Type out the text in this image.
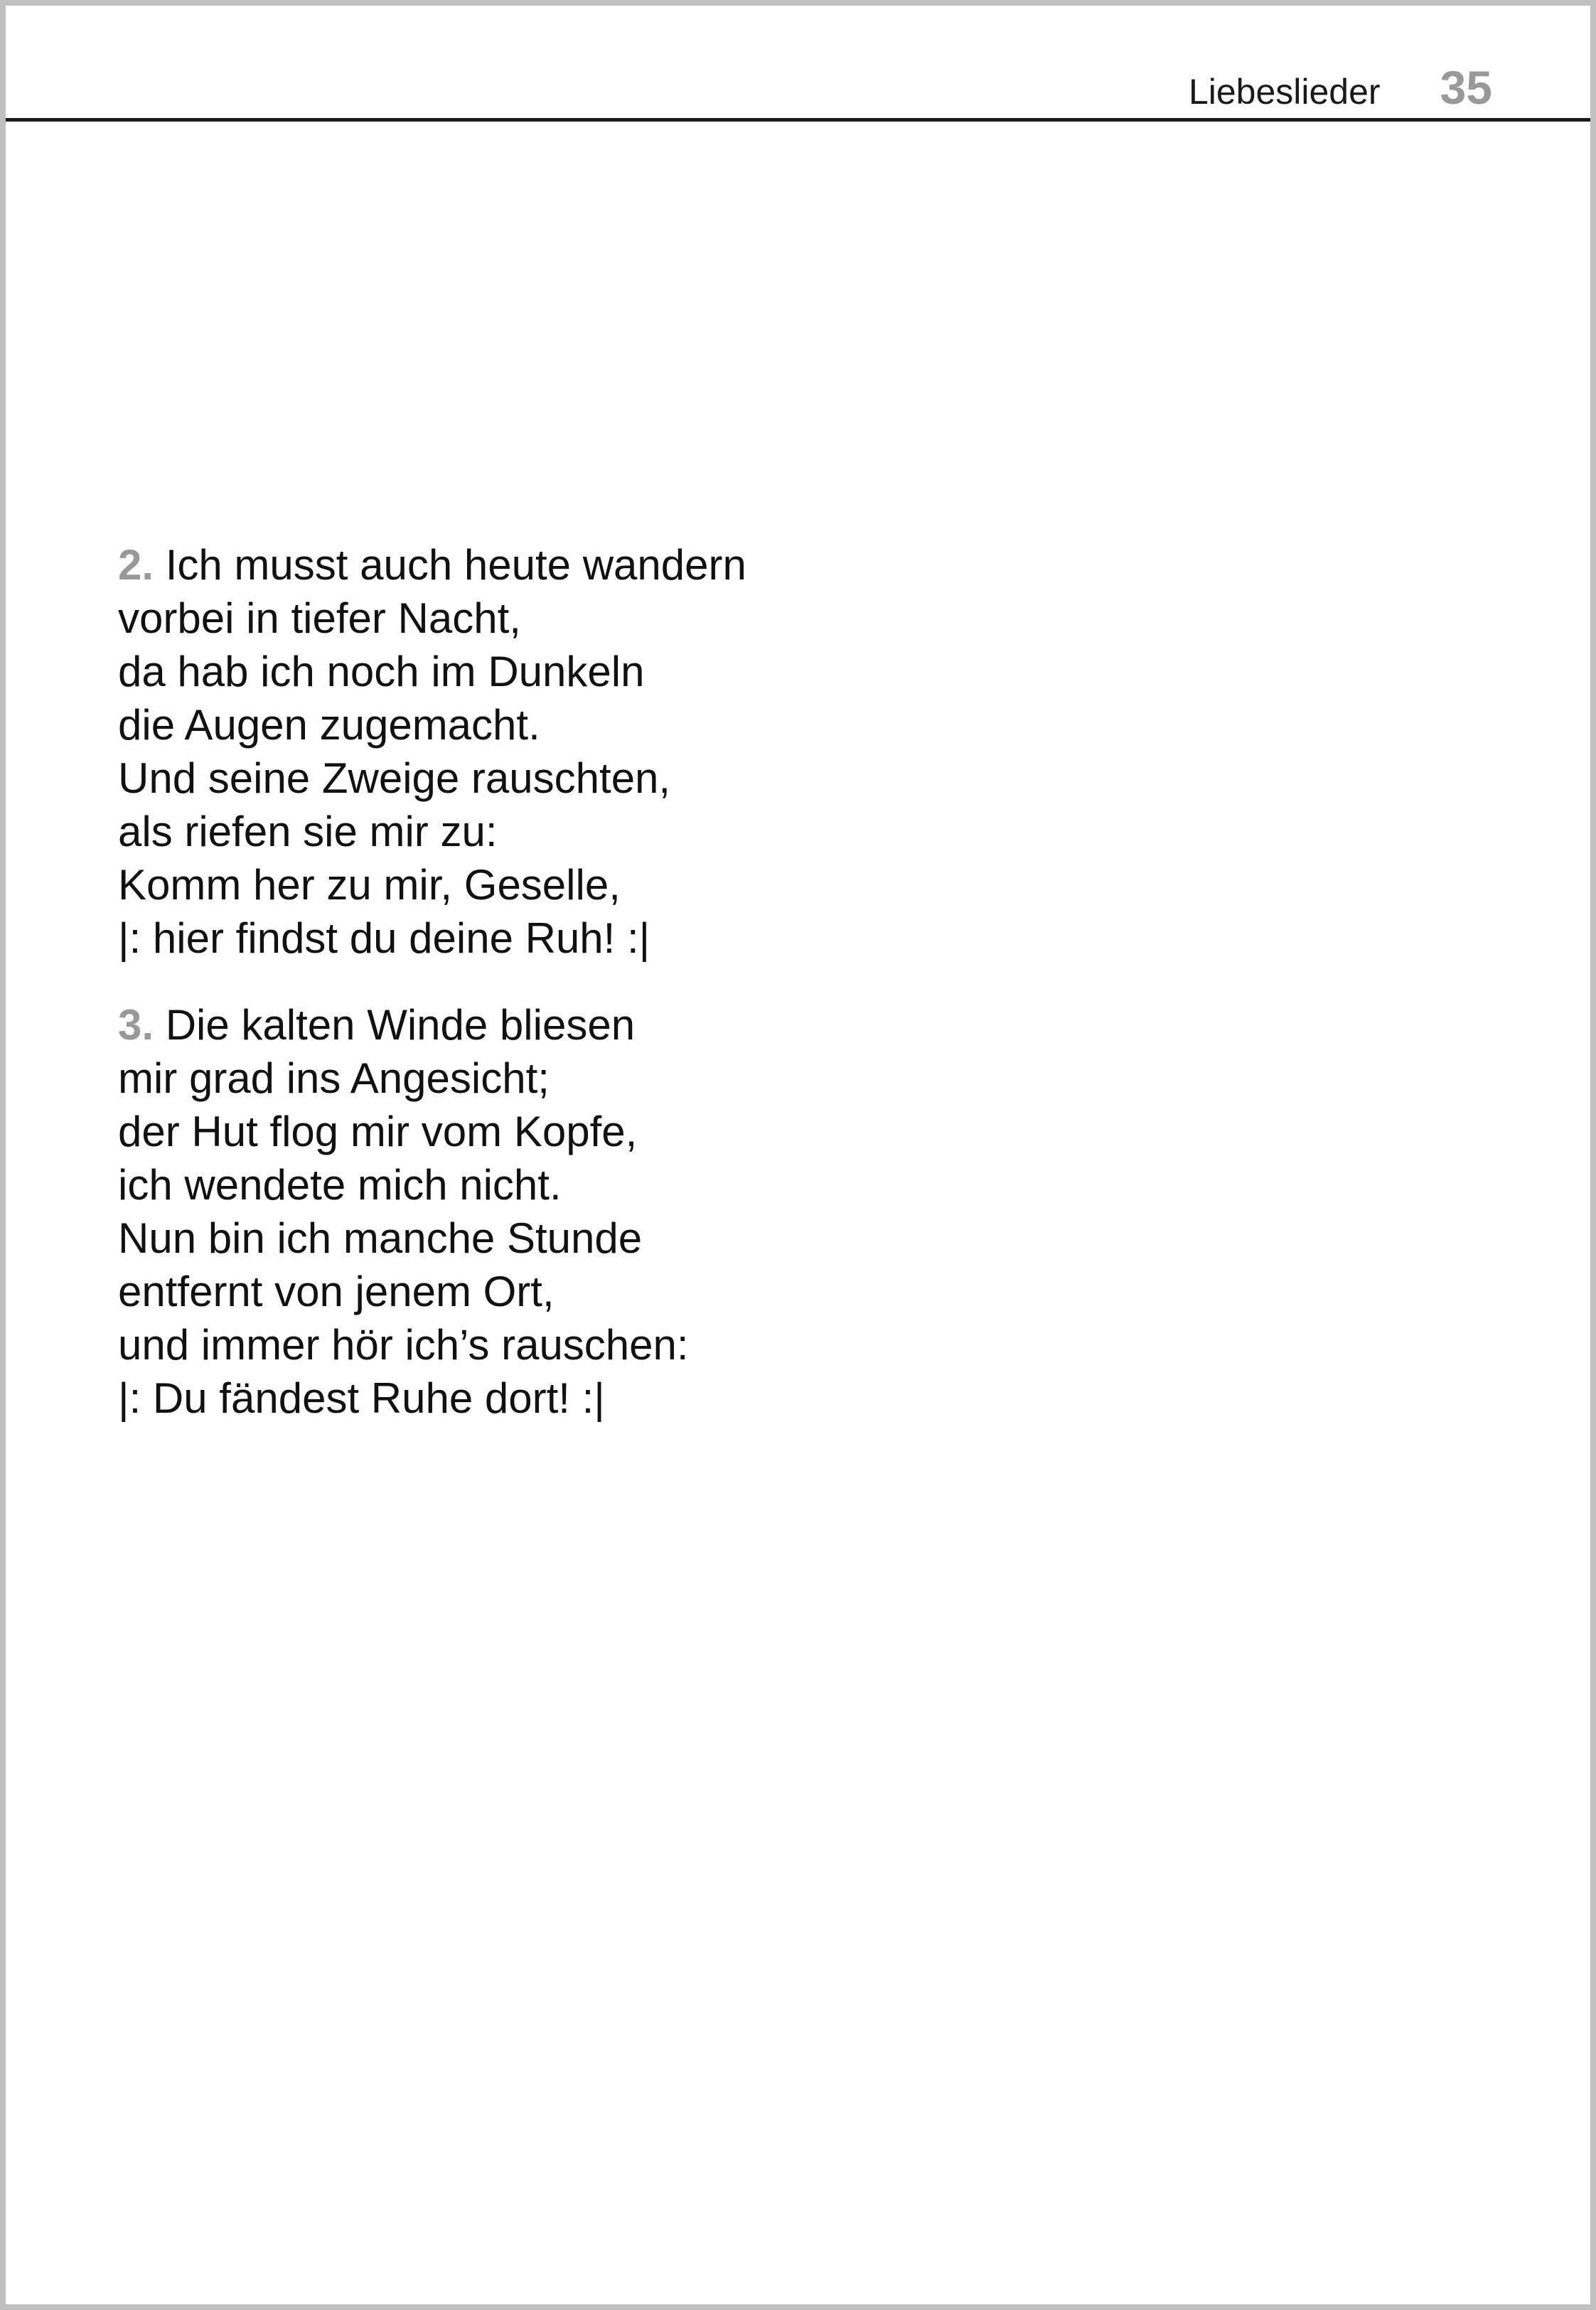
Liebeslieder 35
2. Ich musst auch heute wandern
vorbei in tiefer Nacht,
da hab ich noch im Dunkeln
die Augen zugemacht.
Und seine Zweige rauschten,
als riefen sie mir zu:
Komm her zu mir, Geselle,
|: hier findst du deine Ruh! :|
3. Die kalten Winde bliesen
mir grad ins Angesicht;
der Hut flog mir vom Kopfe,
ich wendete mich nicht.
Nun bin ich manche Stunde
entfernt von jenem Ort,
und immer hör ich’s rauschen:
|: Du fändest Ruhe dort! :|
